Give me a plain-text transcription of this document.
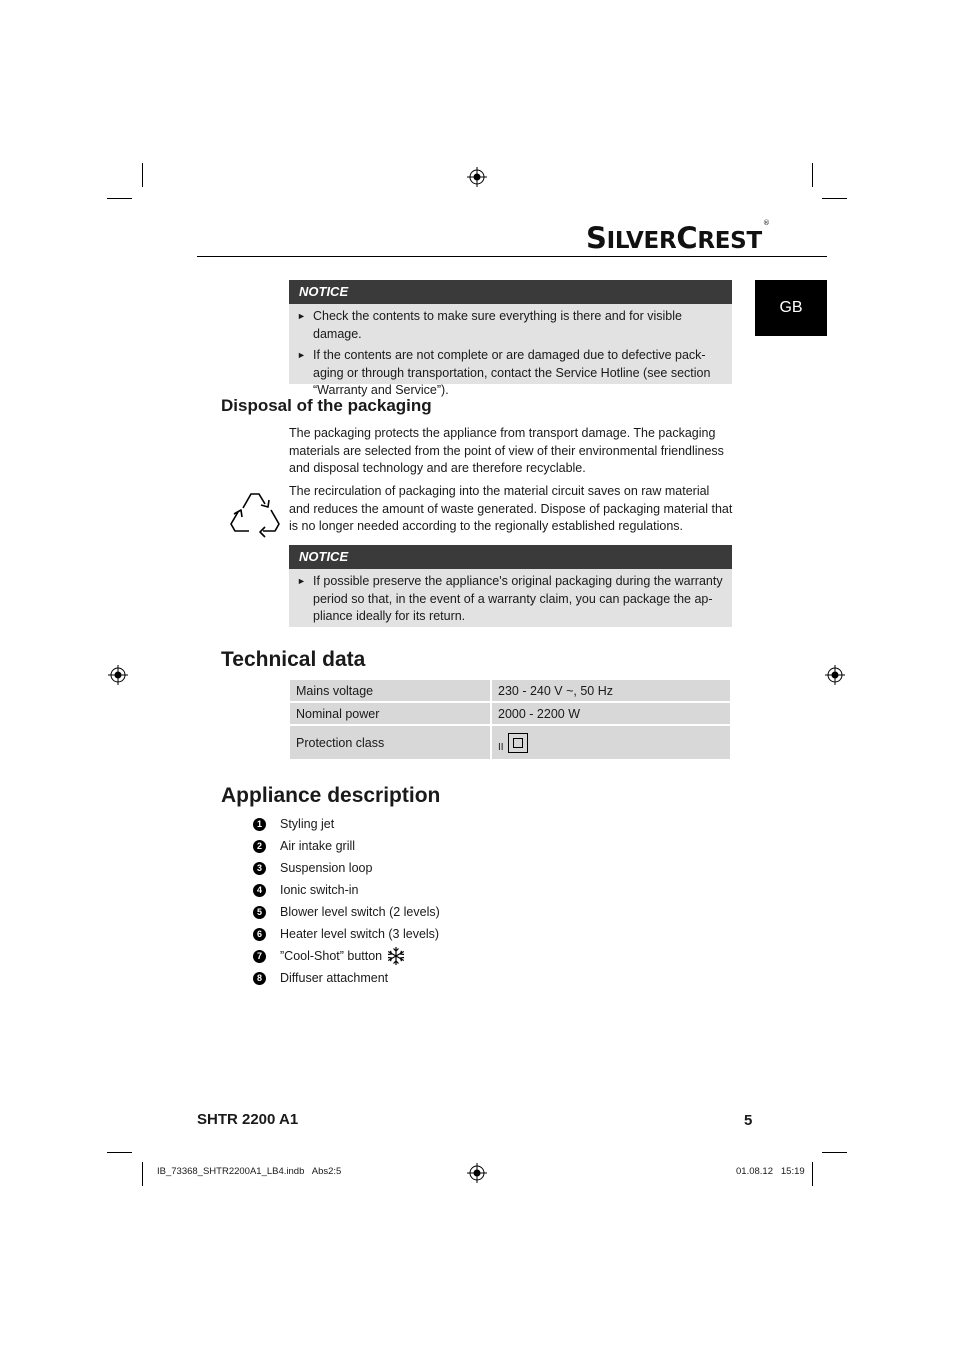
SILVERCREST®
GB
NOTICE
► Check the contents to make sure everything is there and for visible damage.
► If the contents are not complete or are damaged due to defective pack-aging or through transportation, contact the Service Hotline (see section “Warranty and Service”).
Disposal of the packaging

The packaging protects the appliance from transport damage. The packaging materials are selected from the point of view of their environmental friendliness and disposal technology and are therefore recyclable.

The recirculation of packaging into the material circuit saves on raw material and reduces the amount of waste generated. Dispose of packaging material that is no longer needed according to the regionally established regulations.

NOTICE
► If possible preserve the appliance's original packaging during the warranty period so that, in the event of a warranty claim, you can package the ap-pliance ideally for its return.
Technical data
Mains voltage	230 - 240 V ~, 50 Hz
Nominal power	2000 - 2200 W
Protection class	II
Appliance description
1	Styling jet
2	Air intake grill
3	Suspension loop
4	Ionic switch-in
5	Blower level switch (2 levels)
6	Heater level switch (3 levels)
7	”Cool-Shot” button
8	Diffuser attachment
SHTR 2200 A1	5
IB_73368_SHTR2200A1_LB4.indb   Abs2:5	01.08.12   15:19
